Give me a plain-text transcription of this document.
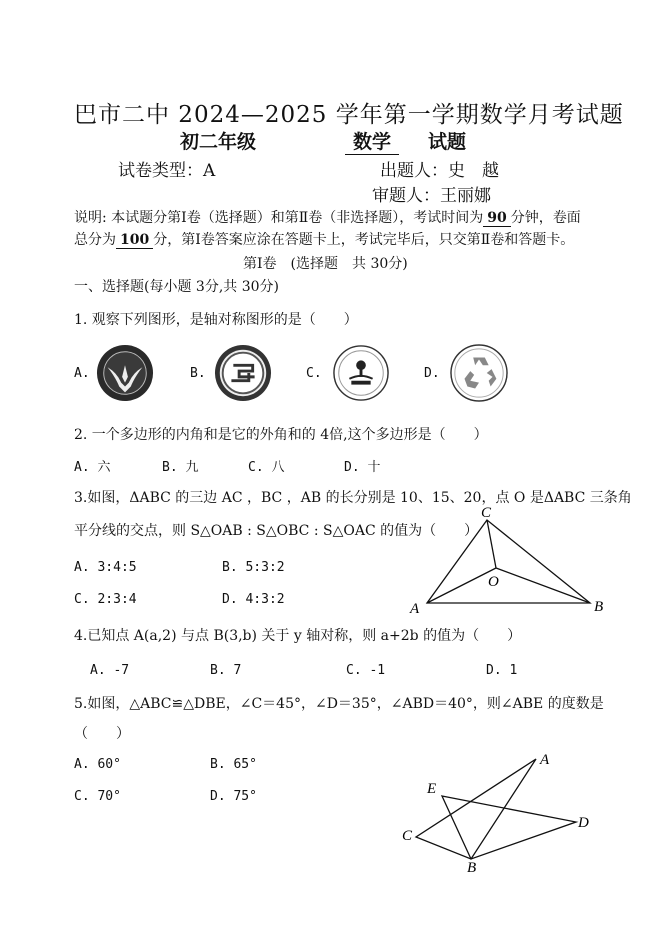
巴市二中 2024—2025 学年第一学期数学月考试题
初二年级	数学	试题
试卷类型：A	出题人：史　越
审题人：王丽娜
说明: 本试题分第Ⅰ卷（选择题）和第Ⅱ卷（非选择题），考试时间为 90 分钟，卷面
总分为 100 分，第Ⅰ卷答案应涂在答题卡上，考试完毕后，只交第Ⅱ卷和答题卡。
第Ⅰ卷　(选择题　共 30分)
一、选择题(每小题 3分,共 30分)
1. 观察下列图形，是轴对称图形的是（　　）
A.	B.	C.	D.
2. 一个多边形的内角和是它的外角和的 4倍,这个多边形是（　　）
A. 六	B. 九	C. 八	D. 十
3.如图，ΔABC 的三边 AC ，BC ，AB 的长分别是 10、15、20，点 O 是ΔABC 三条角
平分线的交点，则 S△OAB : S△OBC : S△OAC 的值为（　　）
A. 3:4:5	B. 5:3:2
C. 2:3:4	D. 4:3:2
C
O
A	B
4.已知点 A(a,2) 与点 B(3,b) 关于 y 轴对称，则 a+2b 的值为（　　）
A. -7	B. 7	C. -1	D. 1
5.如图，△ABC≌△DBE，∠C＝45°，∠D＝35°，∠ABD＝40°，则∠ABE 的度数是
（　　）
A. 60°	B. 65°
C. 70°	D. 75°
A
E
C
D
B
